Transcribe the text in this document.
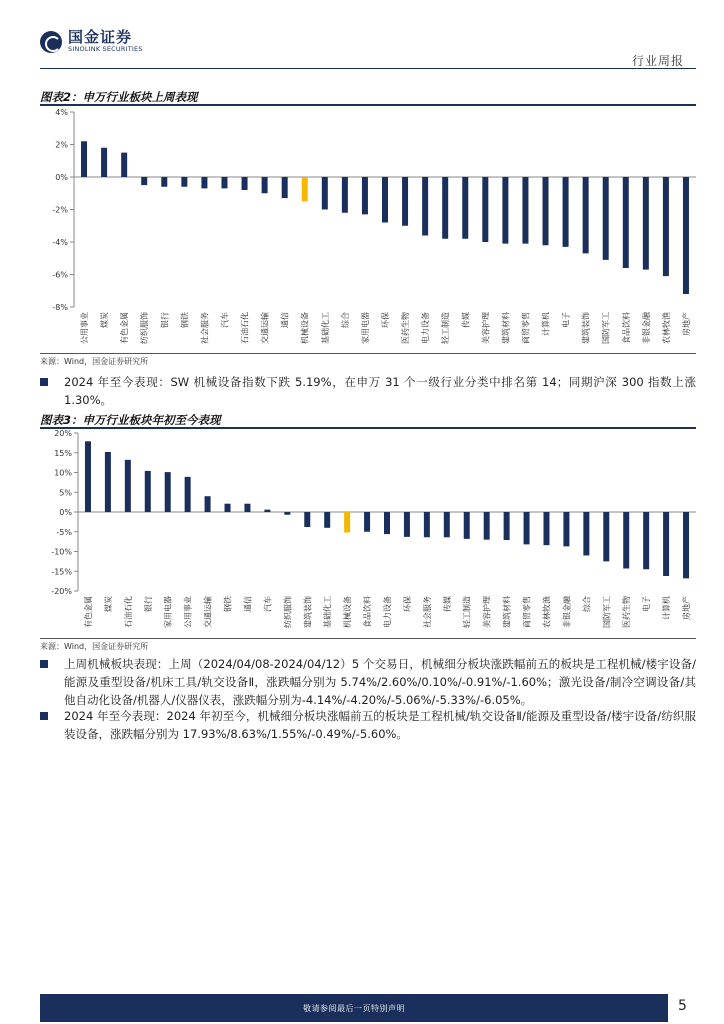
国金证券
SINOLINK SECURITIES
行业周报
图表2：申万行业板块上周表现
4%
2%
0%
-2%
-4%
-6%
-8%
公用事业 煤炭 有色金属 纺织服饰 银行 钢铁 社会服务 汽车 石油石化 交通运输 通信 机械设备 基础化工 综合 家用电器 环保 医药生物 电力设备 轻工制造 传媒 美容护理 建筑材料 商贸零售 计算机 电子 建筑装饰 国防军工 食品饮料 非银金融 农林牧渔 房地产
来源：Wind，国金证券研究所
2024 年至今表现：SW 机械设备指数下跌 5.19%，在申万 31 个一级行业分类中排名第 14；同期沪深 300 指数上涨 1.30%。
图表3：申万行业板块年初至今表现
20%
15%
10%
5%
0%
-5%
-10%
-15%
-20%
有色金属 煤炭 石油石化 银行 家用电器 公用事业 交通运输 钢铁 通信 汽车 纺织服饰 建筑装饰 基础化工 机械设备 食品饮料 电力设备 环保 社会服务 传媒 轻工制造 美容护理 建筑材料 商贸零售 农林牧渔 非银金融 综合 国防军工 医药生物 电子 计算机 房地产
来源：Wind，国金证券研究所
上周机械板块表现：上周（2024/04/08-2024/04/12）5 个交易日，机械细分板块涨跌幅前五的板块是工程机械/楼宇设备/能源及重型设备/机床工具/轨交设备Ⅱ，涨跌幅分别为 5.74%/2.60%/0.10%/-0.91%/-1.60%；激光设备/制冷空调设备/其他自动化设备/机器人/仪器仪表，涨跌幅分别为-4.14%/-4.20%/-5.06%/-5.33%/-6.05%。
2024 年至今表现：2024 年初至今，机械细分板块涨幅前五的板块是工程机械/轨交设备Ⅱ/能源及重型设备/楼宇设备/纺织服装设备，涨跌幅分别为 17.93%/8.63%/1.55%/-0.49%/-5.60%。
敬请参阅最后一页特别声明	5
